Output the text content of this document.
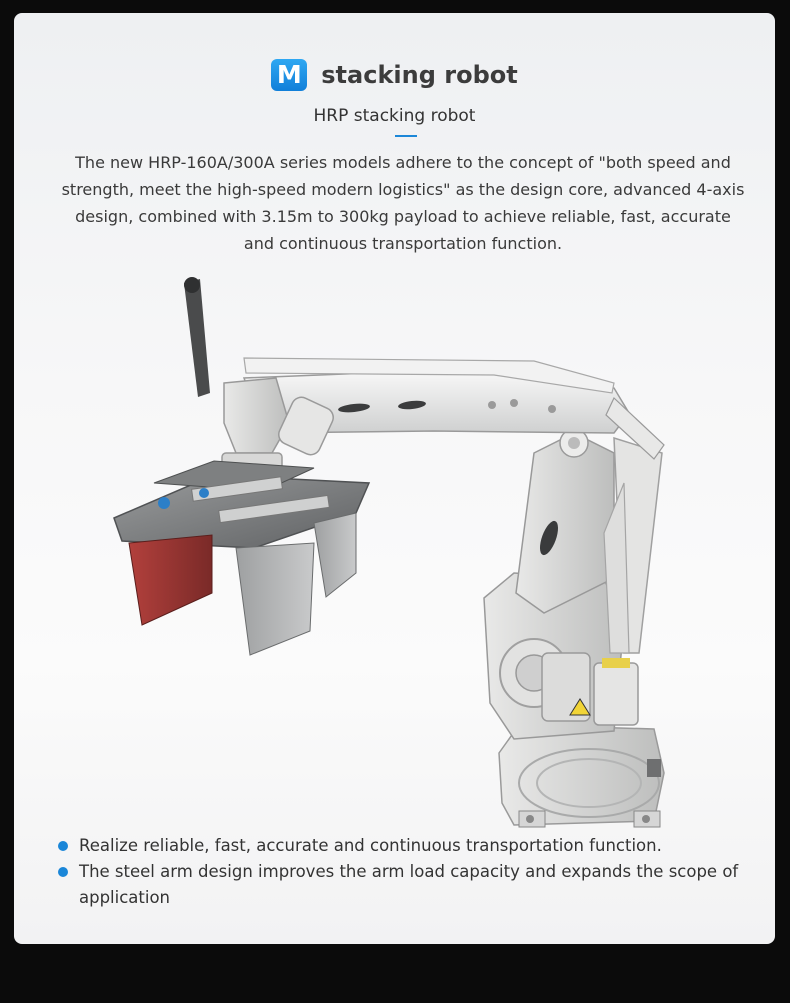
M stacking robot
HRP stacking robot
The new HRP-160A/300A series models adhere to the concept of "both speed and strength, meet the high-speed modern logistics" as the design core, advanced 4-axis design, combined with 3.15m to 300kg payload to achieve reliable, fast, accurate and continuous transportation function.
Realize reliable, fast, accurate and continuous transportation function.
The steel arm design improves the arm load capacity and expands the scope of application
